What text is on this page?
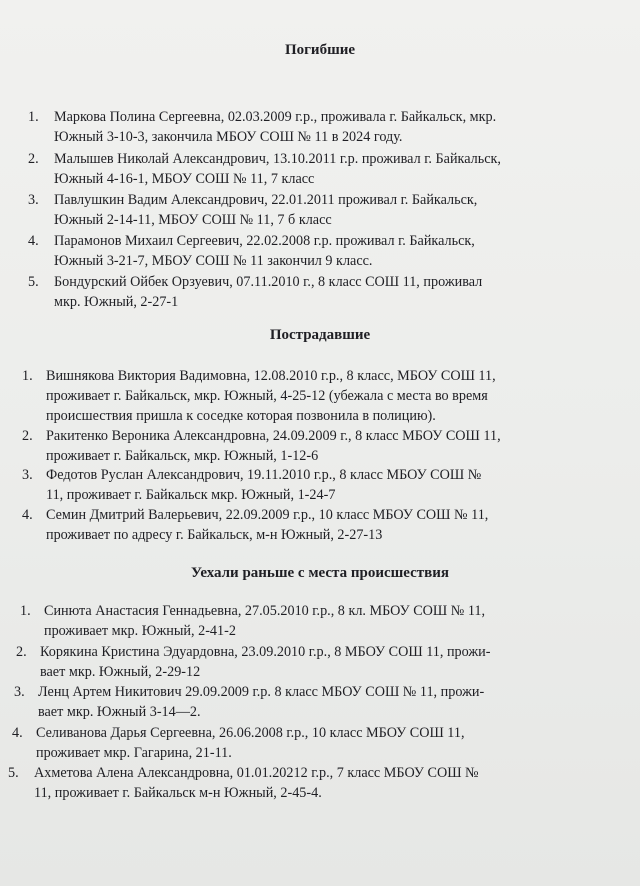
Погибшие
1. Маркова Полина Сергеевна, 02.03.2009 г.р., проживала г. Байкальск, мкр.
Южный 3-10-3, закончила МБОУ СОШ № 11 в 2024 году.
2. Малышев Николай Александрович, 13.10.2011 г.р. проживал г. Байкальск,
Южный 4-16-1, МБОУ СОШ № 11, 7 класс
3. Павлушкин Вадим Александрович, 22.01.2011 проживал г. Байкальск,
Южный 2-14-11, МБОУ СОШ № 11, 7 б класс
4. Парамонов Михаил Сергеевич, 22.02.2008 г.р. проживал г. Байкальск,
Южный 3-21-7, МБОУ СОШ № 11 закончил 9 класс.
5. Бондурский Ойбек Орзуевич, 07.11.2010 г., 8 класс СОШ 11, проживал
мкр. Южный, 2-27-1
Пострадавшие
1. Вишнякова Виктория Вадимовна, 12.08.2010 г.р., 8 класс, МБОУ СОШ 11,
проживает г. Байкальск, мкр. Южный, 4-25-12 (убежала с места во время
происшествия пришла к соседке которая позвонила в полицию).
2. Ракитенко Вероника Александровна, 24.09.2009 г., 8 класс МБОУ СОШ 11,
проживает г. Байкальск, мкр. Южный, 1-12-6
3. Федотов Руслан Александрович, 19.11.2010 г.р., 8 класс МБОУ СОШ №
11, проживает г. Байкальск мкр. Южный, 1-24-7
4. Семин Дмитрий Валерьевич, 22.09.2009 г.р., 10 класс МБОУ СОШ № 11,
проживает по адресу г. Байкальск, м-н Южный, 2-27-13
Уехали раньше с места происшествия
1. Синюта Анастасия Геннадьевна, 27.05.2010 г.р., 8 кл. МБОУ СОШ № 11,
проживает мкр. Южный, 2-41-2
2. Корякина Кристина Эдуардовна, 23.09.2010 г.р., 8 МБОУ СОШ 11, прожи-
вает мкр. Южный, 2-29-12
3. Ленц Артем Никитович 29.09.2009 г.р. 8 класс МБОУ СОШ № 11, прожи-
вает мкр. Южный 3-14—2.
4. Селиванова Дарья Сергеевна, 26.06.2008 г.р., 10 класс МБОУ СОШ 11,
проживает мкр. Гагарина, 21-11.
5. Ахметова Алена Александровна, 01.01.20212 г.р., 7 класс МБОУ СОШ №
11, проживает г. Байкальск м-н Южный, 2-45-4.
